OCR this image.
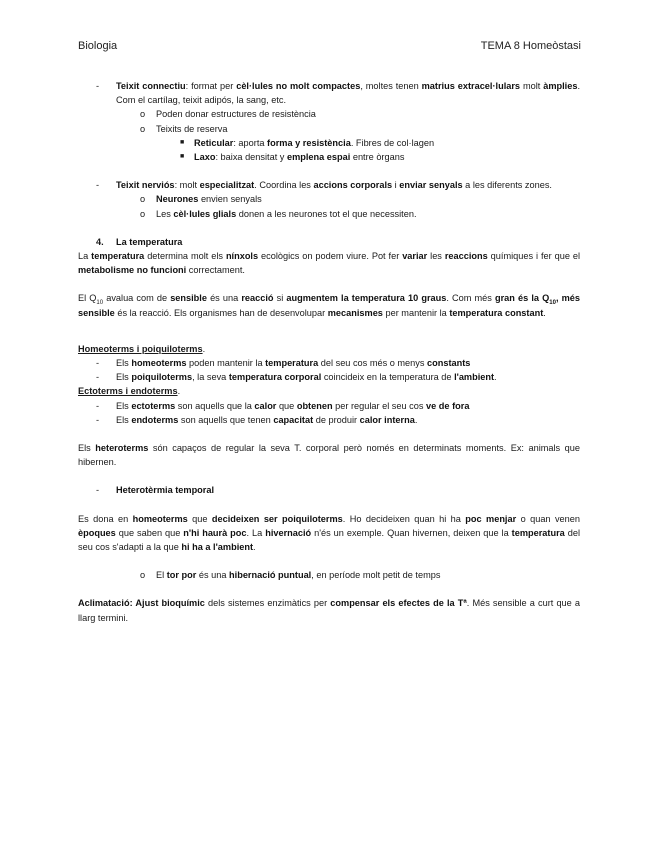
Biologia	TEMA 8 Homeòstasi

- Teixit connectiu: format per cèl·lules no molt compactes, moltes tenen matrius extracel·lulars molt àmplies. Com el cartílag, teixit adipós, la sang, etc.

o Poden donar estructures de resistència

o Teixits de reserva

■ Reticular: aporta forma y resistència. Fibres de col·lagen

■ Laxo: baixa densitat y emplena espai entre òrgans

- Teixit nerviós: molt especialitzat. Coordina les accions corporals i enviar senyals a les diferents zones.

o Neurones envien senyals

o Les cèl·lules glials donen a les neurones tot el que necessiten.

4. La temperatura

La temperatura determina molt els nínxols ecològics on podem viure. Pot fer variar les reaccions químiques i fer que el metabolisme no funcioni correctament.

El $Q_{10}$ avalua com de sensible és una reacció si augmentem la temperatura 10 graus. Com més gran és la $Q_{10}$, més sensible és la reacció. Els organismes han de desenvolupar mecanismes per mantenir la temperatura constant.

Homeoterms i poiquiloterms.

- Els homeoterms poden mantenir la temperatura del seu cos més o menys constants

- Els poiquiloterms, la seva temperatura corporal coincideix en la temperatura de l'ambient.

Ectoterms i endoterms.

- Els ectoterms son aquells que la calor que obtenen per regular el seu cos ve de fora

- Els endoterms son aquells que tenen capacitat de produir calor interna.

Els heteroterms són capaços de regular la seva T. corporal però només en determinats moments. Ex: animals que hibernen.

- Heterotèrmia temporal

Es dona en homeoterms que decideixen ser poiquiloterms. Ho decideixen quan hi ha poc menjar o quan venen èpoques que saben que n'hi haurà poc. La hivernació n'és un exemple. Quan hivernen, deixen que la temperatura del seu cos s'adapti a la que hi ha a l'ambient.

o El tor por és una hibernació puntual, en període molt petit de temps

Aclimatació: Ajust bioquímic dels sistemes enzimàtics per compensar els efectes de la Tª. Més sensible a curt que a llarg termini.
